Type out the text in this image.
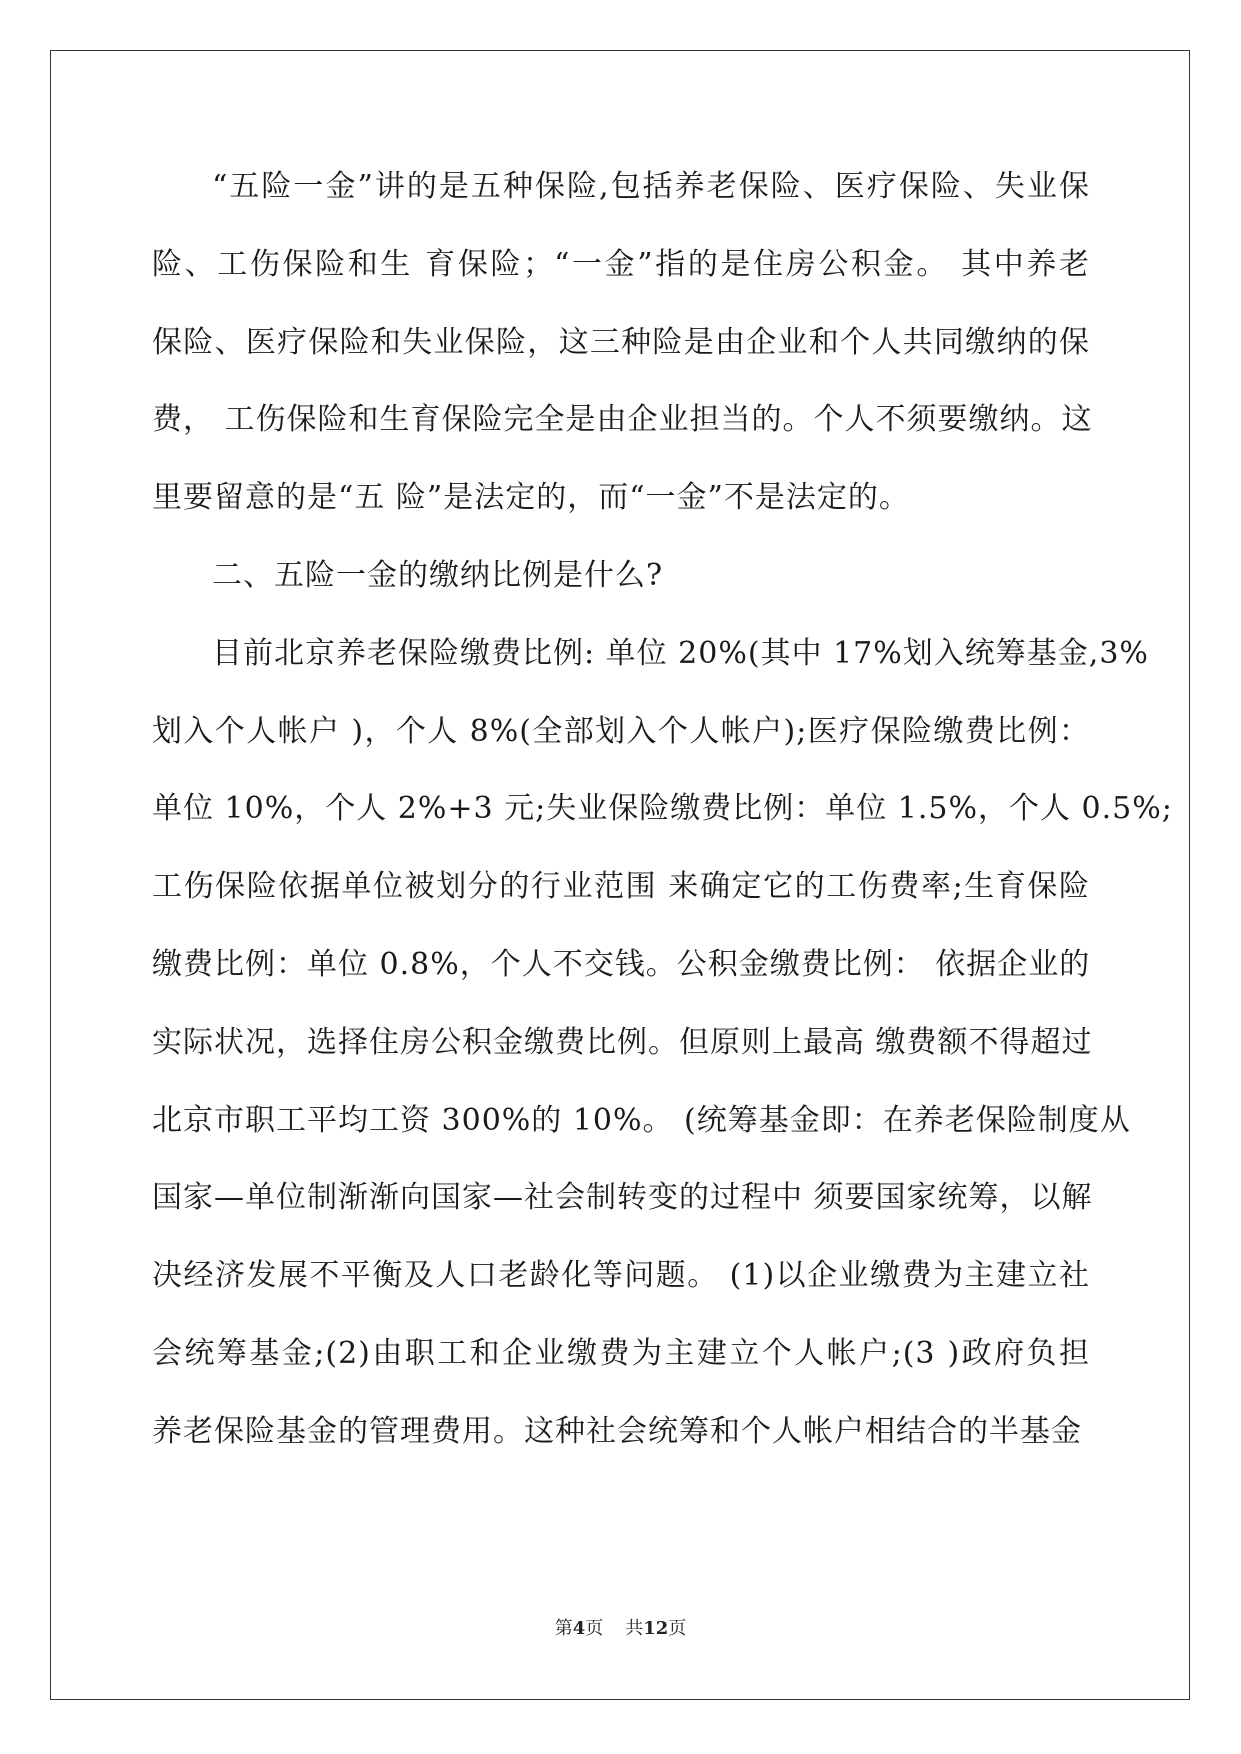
“五险一金”讲的是五种保险,包括养老保险、医疗保险、失业保
险、工伤保险和生 育保险；“一金”指的是住房公积金。 其中养老
保险、医疗保险和失业保险，这三种险是由企业和个人共同缴纳的保
费， 工伤保险和生育保险完全是由企业担当的。个人不须要缴纳。这
里要留意的是“五 险”是法定的，而“一金”不是法定的。

二、五险一金的缴纳比例是什么?

目前北京养老保险缴费比例: 单位 20%(其中 17%划入统筹基金,3%
划入个人帐户 )，个人 8%(全部划入个人帐户);医疗保险缴费比例：
单位 10%，个人 2%+3 元;失业保险缴费比例：单位 1.5%，个人 0.5%;
工伤保险依据单位被划分的行业范围 来确定它的工伤费率;生育保险
缴费比例：单位 0.8%，个人不交钱。公积金缴费比例： 依据企业的
实际状况，选择住房公积金缴费比例。但原则上最高 缴费额不得超过
北京市职工平均工资 300%的 10%。 (统筹基金即：在养老保险制度从
国家—单位制渐渐向国家—社会制转变的过程中 须要国家统筹，以解
决经济发展不平衡及人口老龄化等问题。 (1)以企业缴费为主建立社
会统筹基金;(2)由职工和企业缴费为主建立个人帐户;(3 )政府负担
养老保险基金的管理费用。这种社会统筹和个人帐户相结合的半基金

第4页 共12页
